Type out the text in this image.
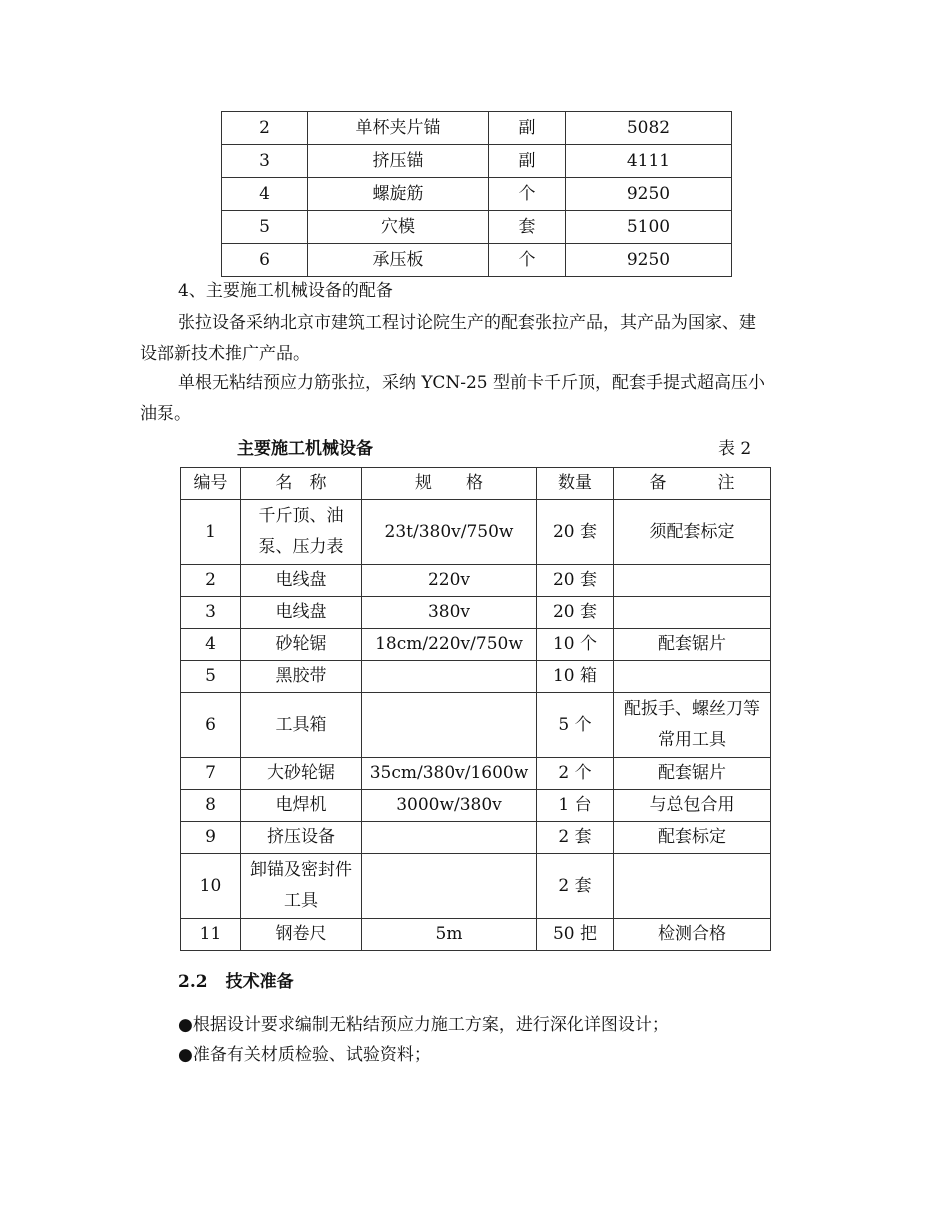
2	单杯夹片锚	副	5082
3	挤压锚	副	4111
4	螺旋筋	个	9250
5	穴模	套	5100
6	承压板	个	9250
4、主要施工机械设备的配备
张拉设备采纳北京市建筑工程讨论院生产的配套张拉产品，其产品为国家、建
设部新技术推广产品。
单根无粘结预应力筋张拉，采纳 YCN-25 型前卡千斤顶，配套手提式超高压小
油泵。
主要施工机械设备	表 2
编号	名　称	规　　格	数量	备　　　注
1	千斤顶、油泵、压力表	23t/380v/750w	20 套	须配套标定
2	电线盘	220v	20 套	
3	电线盘	380v	20 套	
4	砂轮锯	18cm/220v/750w	10 个	配套锯片
5	黑胶带		10 箱	
6	工具箱		5 个	配扳手、螺丝刀等常用工具
7	大砂轮锯	35cm/380v/1600w	2 个	配套锯片
8	电焊机	3000w/380v	1 台	与总包合用
9	挤压设备		2 套	配套标定
10	卸锚及密封件工具		2 套	
11	钢卷尺	5m	50 把	检测合格
2.2 技术准备
●根据设计要求编制无粘结预应力施工方案，进行深化详图设计；
●准备有关材质检验、试验资料；
